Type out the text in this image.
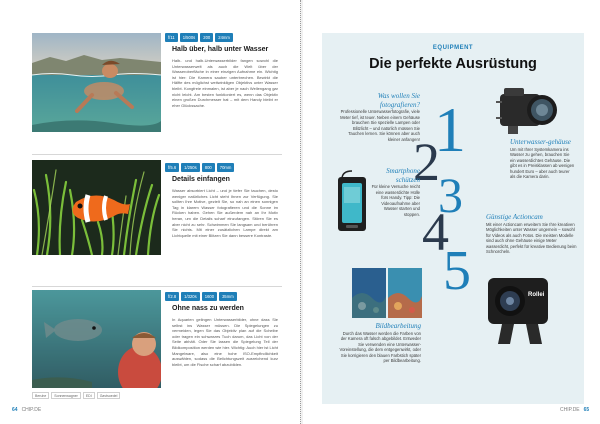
f/11	1/500s	200	24mm
Halb über, halb unter Wasser
Halb- und halb-Unterwasserbilder fangen sowohl die Unterwasserwelt als auch die Welt über der Wasseroberfläche in einer einzigen Aufnahme ein. Wichtig ist hier: Die Kamera sauber unterbrechen. Bewirkt die Hälfte des möglichst weitwinkligen Objektivs unter Wasser bleibt. Kongfreie einmalen, ist aber je nach Wellengang gar nicht leicht. Am besten funktioniert es, wenn das Objektiv einen großen Durchmesser hat – mit dem Handy bleibt er eher Glückssache.
f/5.6	1/250s	800	70mm
Details einfangen
Wasser absorbiert Licht – und je tiefer Sie tauchen, desto weniger natürliches Licht steht Ihnen zur Verfügung. Sie sollten Ihre Motive, gezielt Sie, so nah an einen sonnigen Tag in klarem Wasser fotografieren und die Sonne im Rücken haben. Gehen Sie außerdem nah an Ihr Motiv heran, um die Details scharf einzufangen. Stören Sie es aber nicht zu sehr. Schwimmen Sie langsam und berühren Sie nichts. Mit einer zusätzlichen Lampe direkt am Lichtquelle mit einer Blitzen Sie dann bessere Kontraste.
f/2.8	1/320s	1600	35mm
Ohne nass zu werden
In Aquarien gelingen Unterwasserbilder, ohne dass Sie selbst ins Wasser müssen. Die Spiegelungen zu vermeiden, legen Sie das Objektiv plan auf die Scheibe oder tragen ein schwarzes Tuch darum, das Licht von der Seite abhält. Oder Sie lassen die Spiegelung Teil der Bildkomposition werden wie hier. Wichtig: Auch hier ist Licht Mangelware, also eine hohe ISO-Empfindlichkeit auswählen, sodass die Belichtungszeit ausreichend kurz bleibt, um die Fische scharf abzubilden.
Beruhe	Sonnenwagner	EDI	Gavtsoedel
64 CHIP.DE
EQUIPMENT
Die perfekte Ausrüstung
1
2
3
4
5
Was wollen Sie fotografieren?
Professionelle Unterwasserfotografie, viele Meter tief, ist teuer. Neben einem Gehäuse brauchen Sie spezielle Lampen oder Blitzlicht – und natürlich müssen Sie Tauchen lernen. Sie können aber auch kleiner anfangen!	Unterwasser-gehäuse
Um mit Ihrer Systemkamera ins Wasser zu gehen, brauchen Sie ein wasserdichtes Gehäuse. Die gibt es in Preisklassen ab wenigen hundert Euro – aber auch teurer als die Kamera darin.
Smartphone schützen
Für kleine Versuche reicht eine wasserdichte Hülle fürs Handy. Tipp: Die Videoaufnahme aber Wasser starten und stoppen.	Günstige Actioncam
Mit einer Actioncam erweitern Sie Ihre kreativen Möglichkeiten unter Wasser ungemein – sowohl für Videos als auch Fotos. Die meisten Modelle sind auch ohne Gehäuse einige Meter wasserdicht, perfekt für kreative Bedienung beim Schnorcheln.
Bildbearbeitung
Durch das Wasser werden die Farben von der Kamera oft falsch abgebildet. Entweder Sie verwenden eine Unterwasser-Voreinstellung, die dem entgegenwirkt, oder Sie korrigieren den blauen Farbstich später per Bildbearbeitung.
Rollei
CHIP.DE 65
